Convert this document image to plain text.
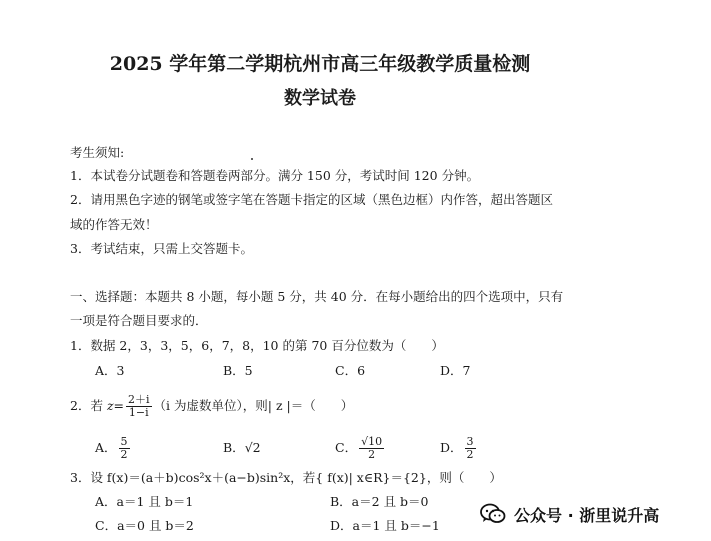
2025 学年第二学期杭州市高三年级教学质量检测
数学试卷
考生须知:
1．本试卷分试题卷和答题卷两部分。满分 150 分，考试时间 120 分钟。
2．请用黑色字迹的钢笔或签字笔在答题卡指定的区域（黑色边框）内作答，超出答题区
域的作答无效！
3．考试结束，只需上交答题卡。
一、选择题：本题共 8 小题，每小题 5 分，共 40 分．在每小题给出的四个选项中，只有
一项是符合题目要求的．
1．数据 2，3，3，5，6，7，8，10 的第 70 百分位数为（　　）
A．3	B．5	C．6	D．7
2．若 $z= \frac{2+i}{1-i} (i$ 为虚数单位），则| z |＝（　　）
A． $\frac{5}{2}$	B．√2	C． $\frac{√10}{2}$	D． $\frac{3}{2}$
3．设 f(x)＝(a＋b)cos²x＋(a−b)sin²x，若{ f(x)| x∈R}＝{2}，则（　　）
A．a＝1 且 b＝1	B．a＝2 且 b＝0
C．a＝0 且 b＝2	D．a＝1 且 b＝−1
公众号 · 浙里说升高
